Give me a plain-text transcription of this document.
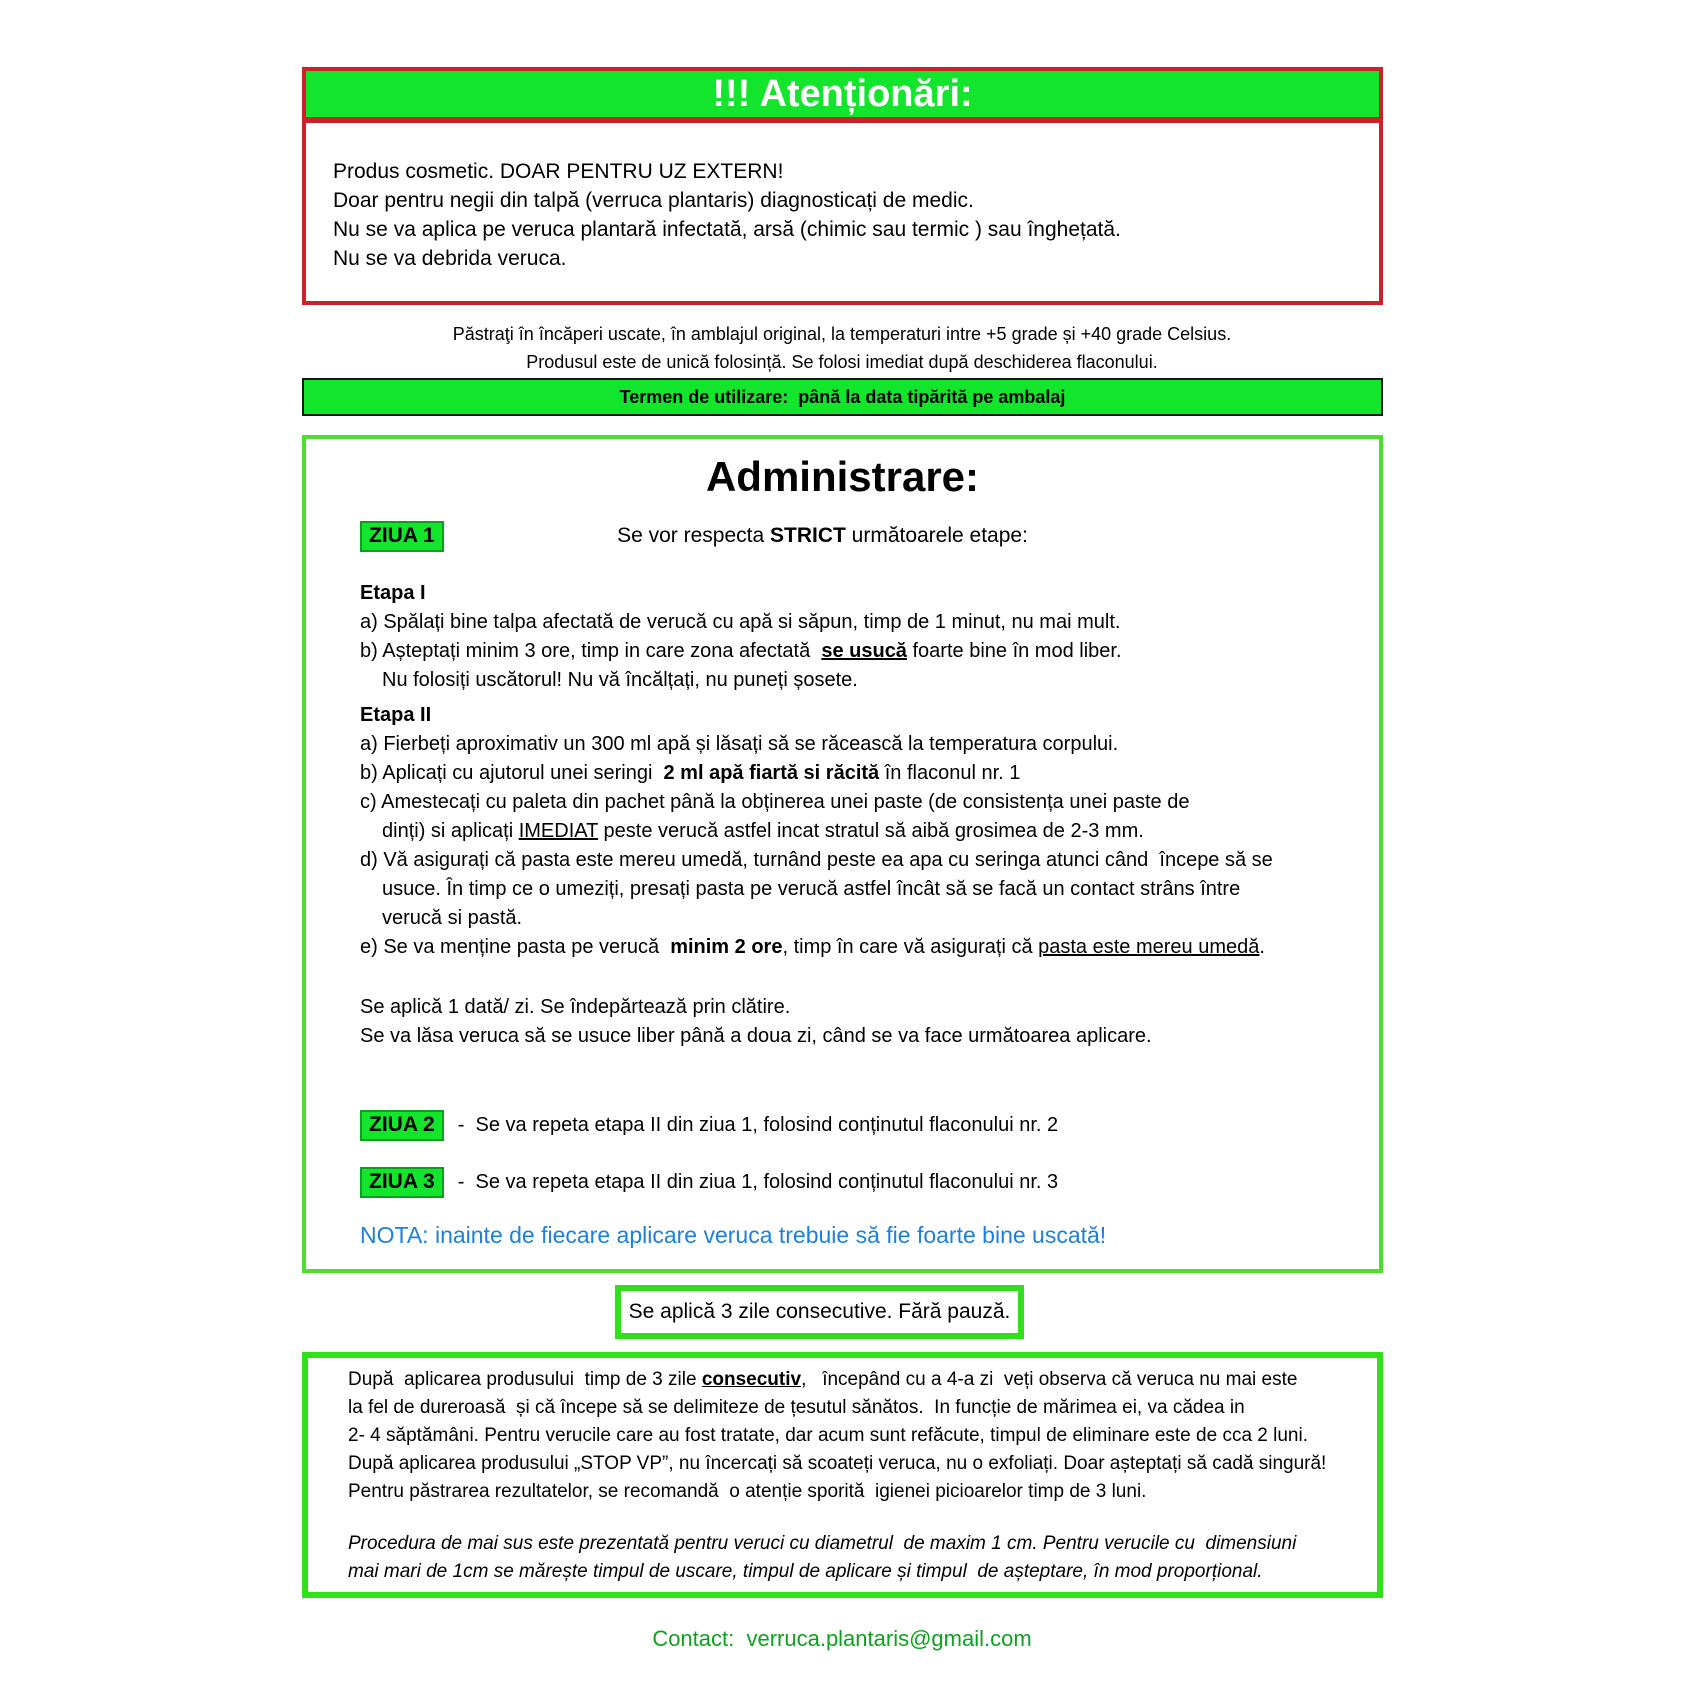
!!! Atenționări:
Produs cosmetic. DOAR PENTRU UZ EXTERN!
Doar pentru negii din talpă (verruca plantaris) diagnosticați de medic.
Nu se va aplica pe veruca plantară infectată, arsă (chimic sau termic ) sau înghețată.
Nu se va debrida veruca.
Păstraţi în încăperi uscate, în amblajul original, la temperaturi intre +5 grade și +40 grade Celsius.
Produsul este de unică folosință. Se folosi imediat după deschiderea flaconului.
Termen de utilizare:  până la data tipărită pe ambalaj
Administrare:
ZIUA 1	Se vor respecta STRICT următoarele etape:
Etapa I
a) Spălați bine talpa afectată de verucă cu apă si săpun, timp de 1 minut, nu mai mult.
b) Așteptați minim 3 ore, timp in care zona afectată  se usucă foarte bine în mod liber.
Nu folosiți uscătorul! Nu vă încălțați, nu puneți șosete.
Etapa II
a) Fierbeți aproximativ un 300 ml apă și lăsați să se răcească la temperatura corpului.
b) Aplicați cu ajutorul unei seringi  2 ml apă fiartă si răcită în flaconul nr. 1
c) Amestecați cu paleta din pachet până la obținerea unei paste (de consistența unei paste de
dinți) si aplicați IMEDIAT peste verucă astfel incat stratul să aibă grosimea de 2-3 mm.
d) Vă asigurați că pasta este mereu umedă, turnând peste ea apa cu seringa atunci când  începe să se
usuce. În timp ce o umeziți, presați pasta pe verucă astfel încât să se facă un contact strâns între
verucă si pastă.
e) Se va menține pasta pe verucă  minim 2 ore, timp în care vă asigurați că pasta este mereu umedă.
Se aplică 1 dată/ zi. Se îndepărtează prin clătire.
Se va lăsa veruca să se usuce liber până a doua zi, când se va face următoarea aplicare.
ZIUA 2 -  Se va repeta etapa II din ziua 1, folosind conținutul flaconului nr. 2
ZIUA 3 -  Se va repeta etapa II din ziua 1, folosind conținutul flaconului nr. 3
NOTA: inainte de fiecare aplicare veruca trebuie să fie foarte bine uscată!
Se aplică 3 zile consecutive. Fără pauză.
După  aplicarea produsului  timp de 3 zile consecutiv,   începând cu a 4-a zi  veți observa că veruca nu mai este
la fel de dureroasă  și că începe să se delimiteze de țesutul sănătos.  In funcție de mărimea ei, va cădea in
2- 4 săptămâni. Pentru verucile care au fost tratate, dar acum sunt refăcute, timpul de eliminare este de cca 2 luni.
După aplicarea produsului „STOP VP”, nu încercați să scoateți veruca, nu o exfoliați. Doar așteptați să cadă singură!
Pentru păstrarea rezultatelor, se recomandă  o atenție sporită  igienei picioarelor timp de 3 luni.
Procedura de mai sus este prezentată pentru veruci cu diametrul  de maxim 1 cm. Pentru verucile cu  dimensiuni
mai mari de 1cm se mărește timpul de uscare, timpul de aplicare și timpul  de așteptare, în mod proporțional.
Contact:  verruca.plantaris@gmail.com
